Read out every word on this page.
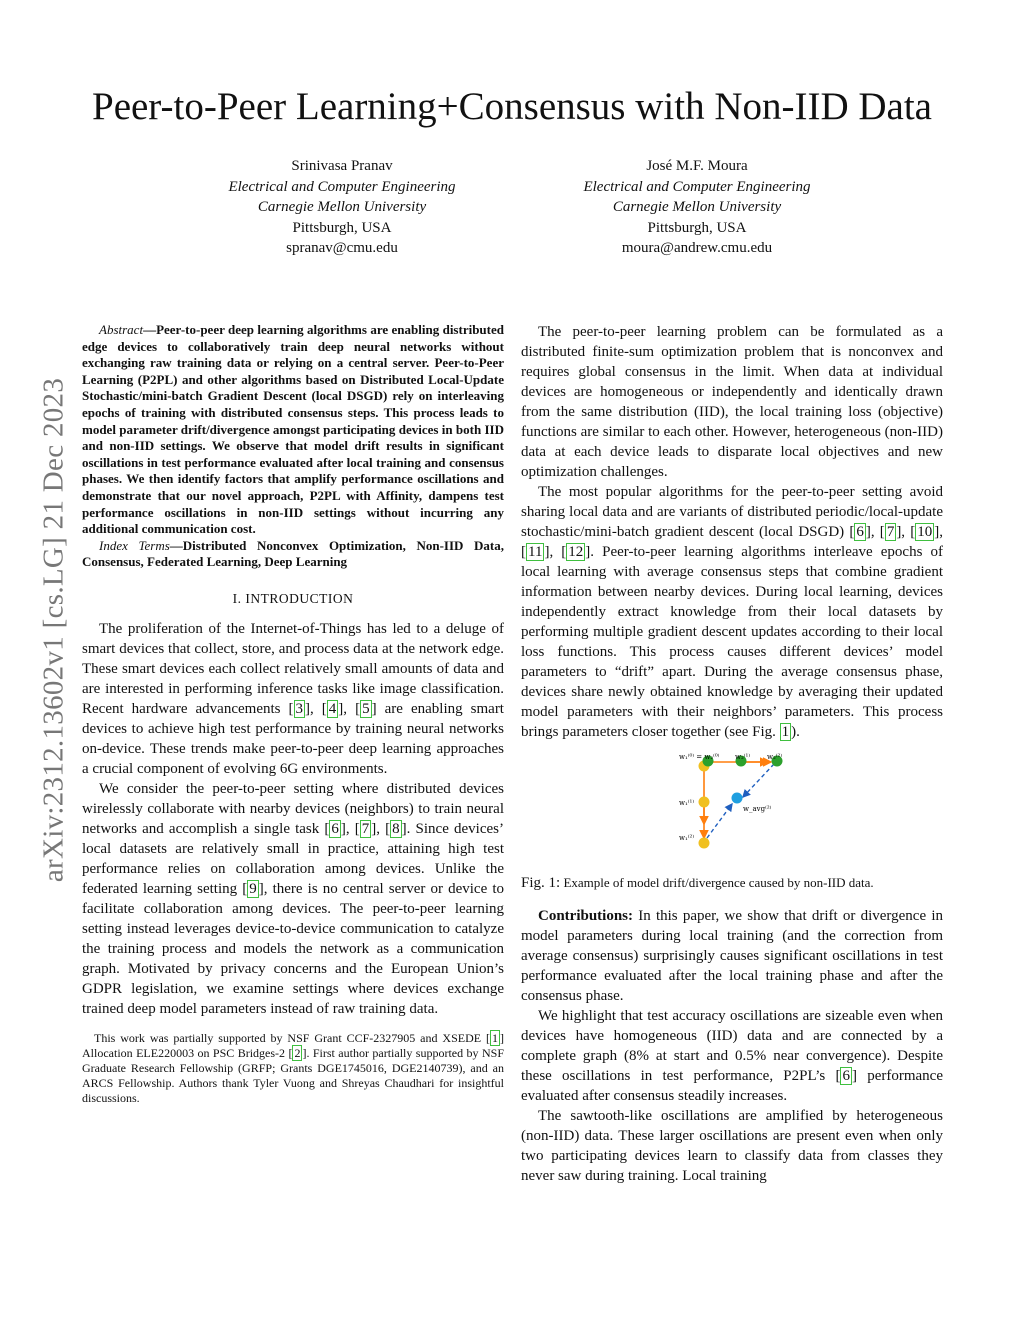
arXiv:2312.13602v1 [cs.LG] 21 Dec 2023
Peer-to-Peer Learning+Consensus with Non-IID Data
Srinivasa Pranav
Electrical and Computer Engineering
Carnegie Mellon University
Pittsburgh, USA
spranav@cmu.edu
José M.F. Moura
Electrical and Computer Engineering
Carnegie Mellon University
Pittsburgh, USA
moura@andrew.cmu.edu

Abstract—Peer-to-peer deep learning algorithms are enabling distributed edge devices to collaboratively train deep neural networks without exchanging raw training data or relying on a central server. Peer-to-Peer Learning (P2PL) and other algorithms based on Distributed Local-Update Stochastic/mini-batch Gradient Descent (local DSGD) rely on interleaving epochs of training with distributed consensus steps. This process leads to model parameter drift/divergence amongst participating devices in both IID and non-IID settings. We observe that model drift results in significant oscillations in test performance evaluated after local training and consensus phases. We then identify factors that amplify performance oscillations and demonstrate that our novel approach, P2PL with Affinity, dampens test performance oscillations in non-IID settings without incurring any additional communication cost.

Index Terms—Distributed Nonconvex Optimization, Non-IID Data, Consensus, Federated Learning, Deep Learning

I. INTRODUCTION

The proliferation of the Internet-of-Things has led to a deluge of smart devices that collect, store, and process data at the network edge. These smart devices each collect relatively small amounts of data and are interested in performing inference tasks like image classification. Recent hardware advancements [ 3 ], [ 4 ], [ 5 ] are enabling smart devices to achieve high test performance by training neural networks on-device. These trends make peer-to-peer deep learning approaches a crucial component of evolving 6G environments.

We consider the peer-to-peer setting where distributed devices wirelessly collaborate with nearby devices (neighbors) to train neural networks and accomplish a single task [ 6 ], [ 7 ], [ 8 ]. Since devices’ local datasets are relatively small in practice, attaining high test performance relies on collaboration among devices. Unlike the federated learning setting [ 9 ], there is no central server or device to facilitate collaboration among devices. The peer-to-peer learning setting instead leverages device-to-device communication to catalyze the training process and models the network as a communication graph. Motivated by privacy concerns and the European Union’s GDPR legislation, we examine settings where devices exchange trained deep model parameters instead of raw training data.

This work was partially supported by NSF Grant CCF-2327905 and XSEDE [ 1 ] Allocation ELE220003 on PSC Bridges-2 [ 2 ]. First author partially supported by NSF Graduate Research Fellowship (GRFP; Grants DGE1745016, DGE2140739), and an ARCS Fellowship. Authors thank Tyler Vuong and Shreyas Chaudhari for insightful discussions.

The peer-to-peer learning problem can be formulated as a distributed finite-sum optimization problem that is nonconvex and requires global consensus in the limit. When data at individual devices are homogeneous or independently and identically drawn from the same distribution (IID), the local training loss (objective) functions are similar to each other. However, heterogeneous (non-IID) data at each device leads to disparate local objectives and new optimization challenges.

The most popular algorithms for the peer-to-peer setting avoid sharing local data and are variants of distributed periodic/local-update stochastic/mini-batch gradient descent (local DSGD) [ 6 ], [ 7 ], [ 10 ], [ 11 ], [ 12 ]. Peer-to-peer learning algorithms interleave epochs of local learning with average consensus steps that combine gradient information between nearby devices. During local learning, devices independently extract knowledge from their local datasets by performing multiple gradient descent updates according to their local loss functions. This process causes different devices’ model parameters to “drift” apart. During the average consensus phase, devices share newly obtained knowledge by averaging their updated model parameters with their neighbors’ parameters. This process brings parameters closer together (see Fig. 1 ).

w₁⁽⁰⁾ = w₂⁽⁰⁾ w₂⁽¹⁾ w₂⁽²⁾
w₁⁽¹⁾
w₁⁽²⁾
w_avg⁽²⁾

Fig. 1: Example of model drift/divergence caused by non-IID data.

Contributions: In this paper, we show that drift or divergence in model parameters during local training (and the correction from average consensus) surprisingly causes significant oscillations in test performance evaluated after the local training phase and after the consensus phase.

We highlight that test accuracy oscillations are sizeable even when devices have homogeneous (IID) data and are connected by a complete graph (8% at start and 0.5% near convergence). Despite these oscillations in test performance, P2PL’s [ 6 ] performance evaluated after consensus steadily increases.

The sawtooth-like oscillations are amplified by heterogeneous (non-IID) data. These larger oscillations are present even when only two participating devices learn to classify data from classes they never saw during training. Local training
